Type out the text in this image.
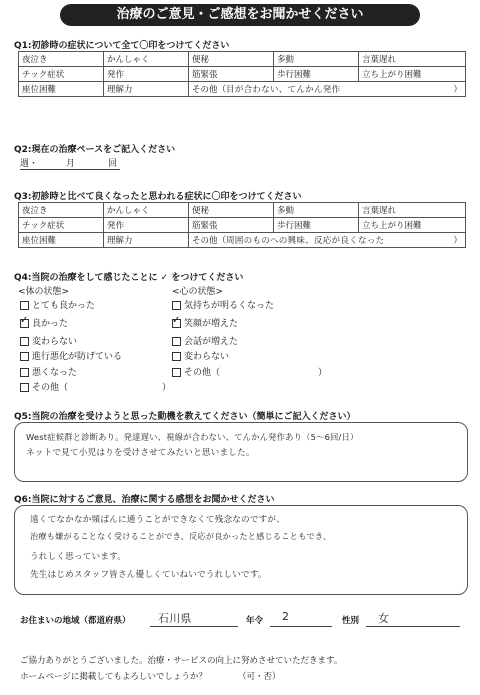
治療のご意見・ご感想をお聞かせください
Q1:初診時の症状について全て〇印をつけてください
夜泣き	かんしゃく	便秘	多動	言葉遅れ
チック症状	発作	筋緊張	歩行困難	立ち上がり困難
座位困難	理解力	その他（目が合わない、てんかん発作 ）		
Q2:現在の治療ペースをご記入ください
週・	月	回
Q3:初診時と比べて良くなったと思われる症状に〇印をつけてください
夜泣き	かんしゃく	便秘	多動	言葉遅れ
チック症状	発作	筋緊張	歩行困難	立ち上がり困難
座位困難	理解力	その他（周囲のものへの興味、反応が良くなった ）		
Q4:当院の治療をして感じたことに ✓ をつけてください
<体の状態>	<心の状態>
とても良かった
✓良かった
変わらない
進行悪化が防げている
悪くなった
その他（	）
気持ちが明るくなった
✓笑顔が増えた
会話が増えた
変わらない
その他（	）
Q5:当院の治療を受けようと思った動機を教えてください（簡単にご記入ください）
West症候群と診断あり。発達遅い、視線が合わない、てんかん発作あり（5〜6回/日）
ネットで見て小児はりを受けさせてみたいと思いました。
Q6:当院に対するご意見、治療に関する感想をお聞かせください
遠くてなかなか頻ぱんに通うことができなくて残念なのですが、
治療も嫌がることなく受けることができ、反応が良かったと感じることもでき、
うれしく思っています。
先生はじめスタッフ皆さん優しくていねいでうれしいです。
お住まいの地域（都道府県） 石川県	年令 2	性別 女
ご協力ありがとうございました。治療・サービスの向上に努めさせていただきます。
ホームページに掲載してもよろしいでしょうか？	（可・否）
